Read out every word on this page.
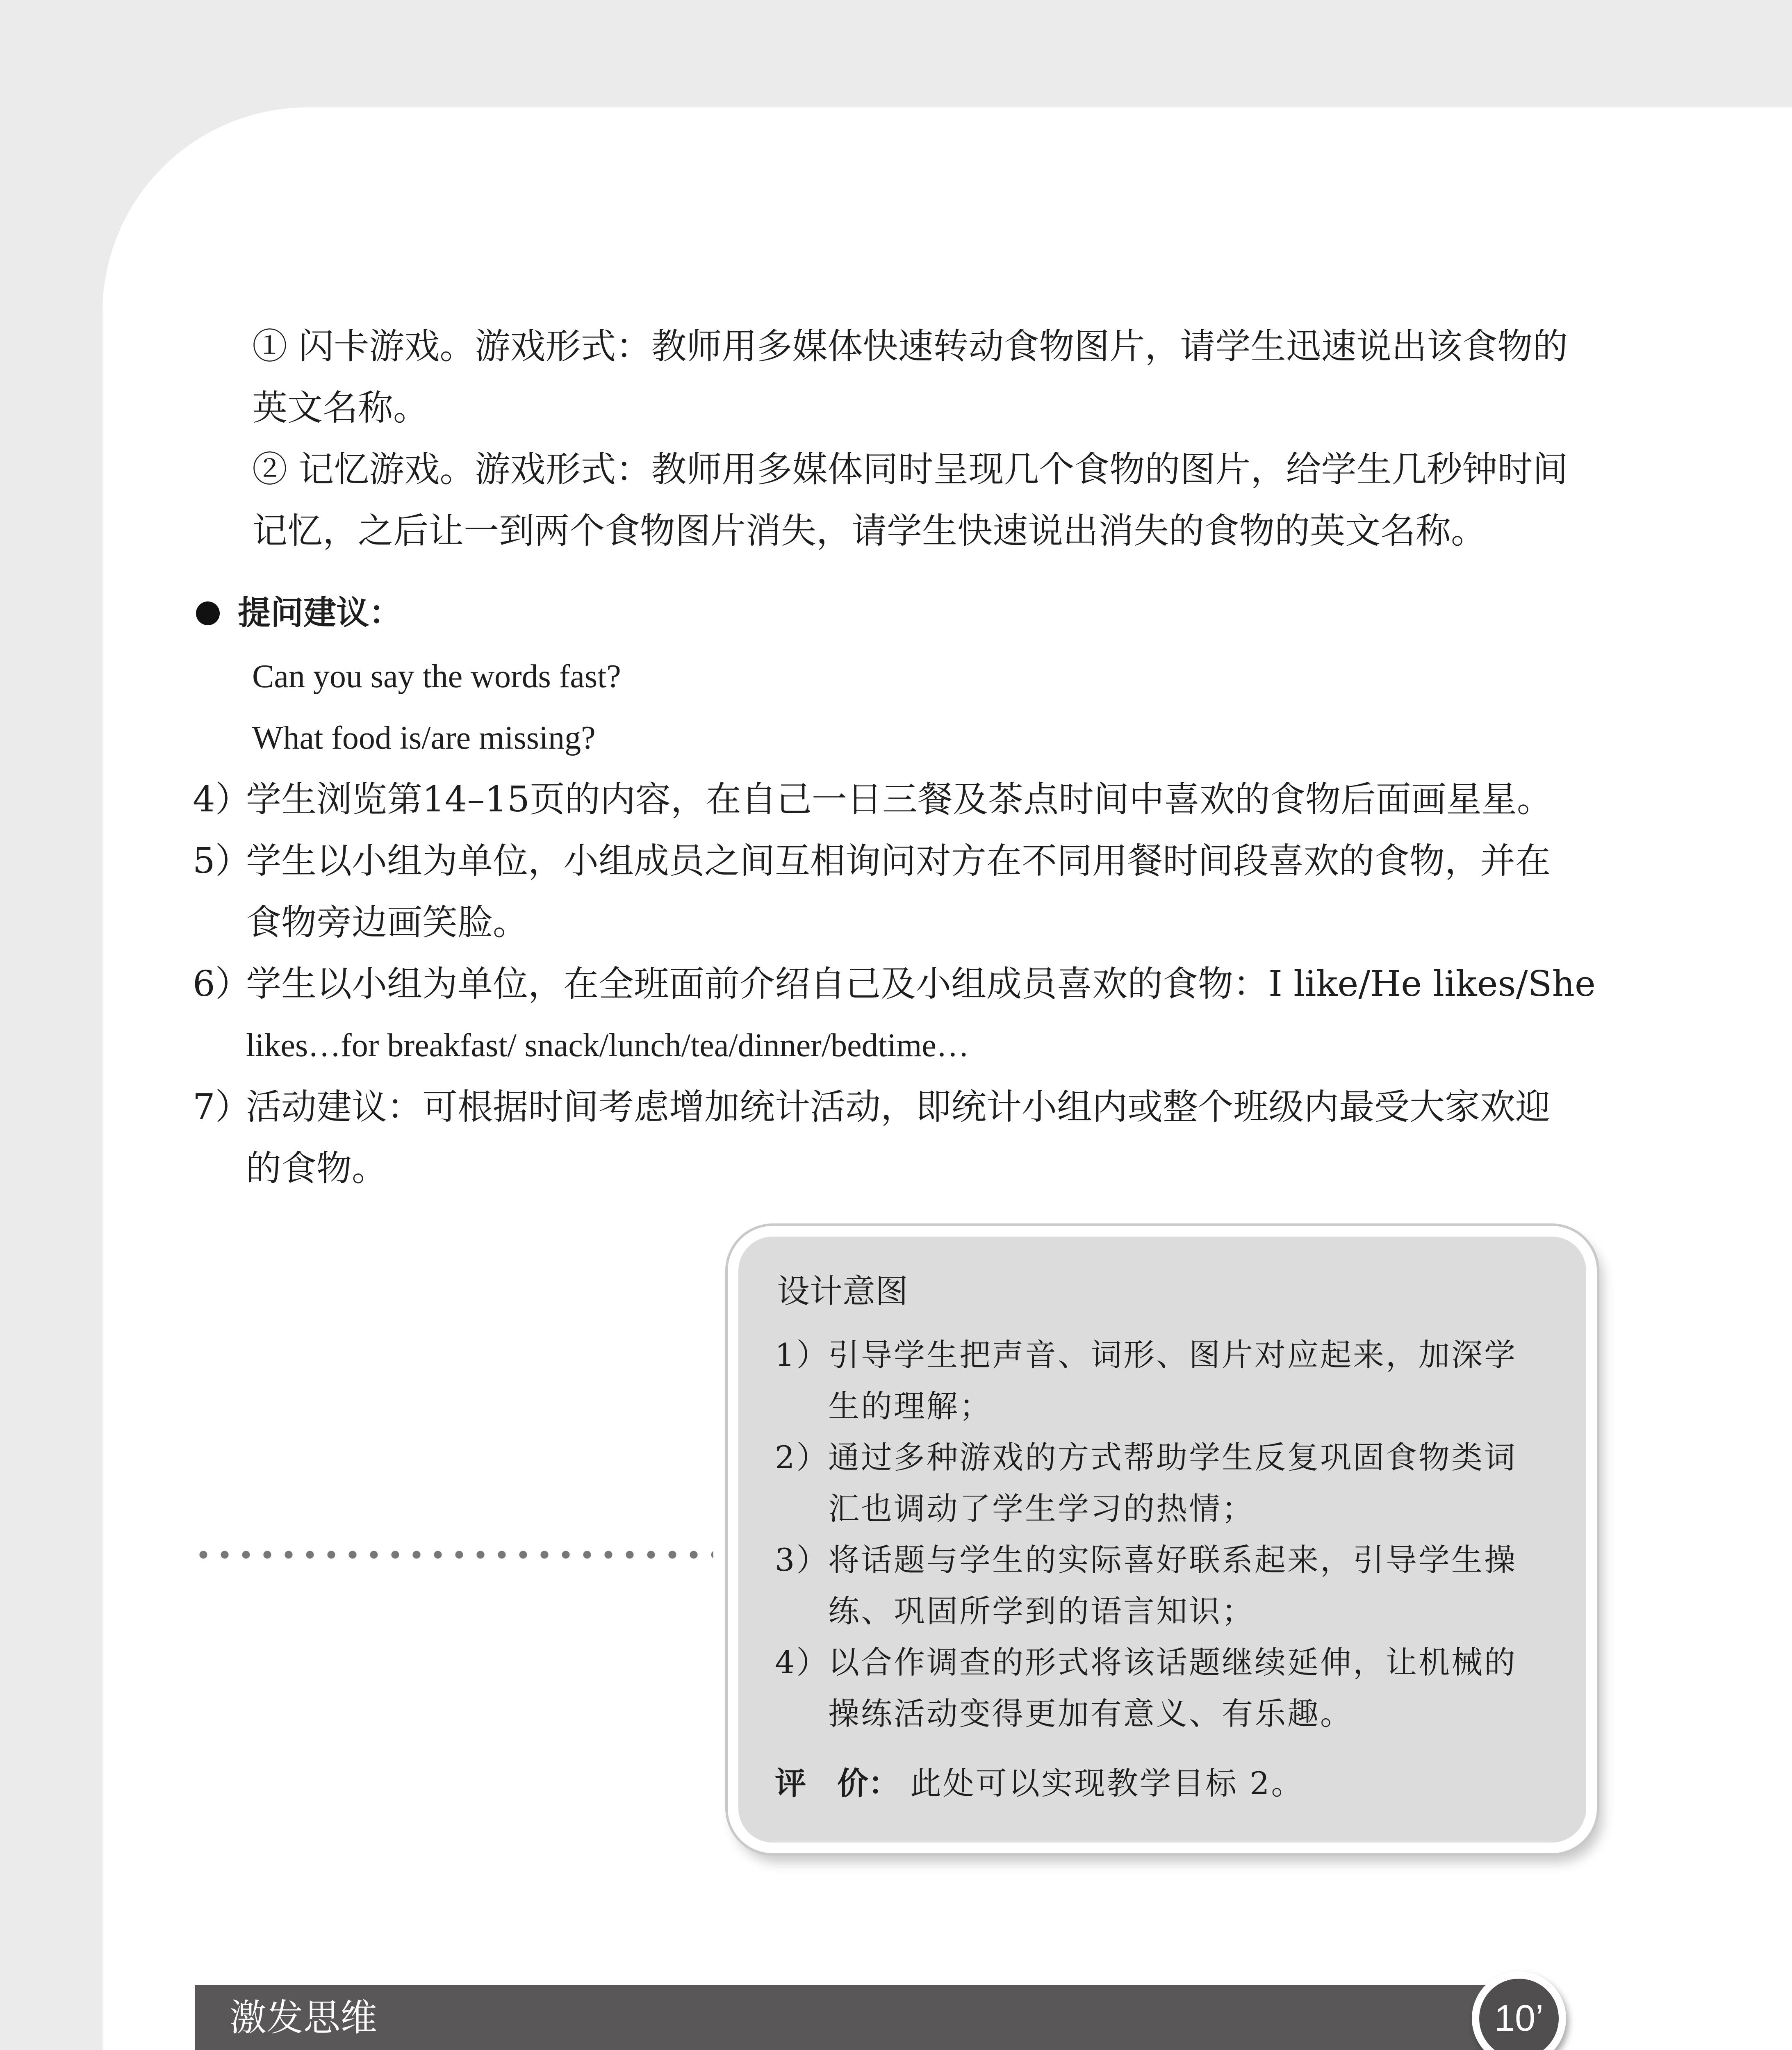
① 闪卡游戏。游戏形式：教师用多媒体快速转动食物图片，请学生迅速说出该食物的
英文名称。
② 记忆游戏。游戏形式：教师用多媒体同时呈现几个食物的图片，给学生几秒钟时间
记忆，之后让一到两个食物图片消失，请学生快速说出消失的食物的英文名称。
提问建议：
Can you say the words fast?
What food is/are missing?
4）
学生浏览第14–15页的内容，在自己一日三餐及茶点时间中喜欢的食物后面画星星。
5）
学生以小组为单位，小组成员之间互相询问对方在不同用餐时间段喜欢的食物，并在
食物旁边画笑脸。
6）
学生以小组为单位，在全班面前介绍自己及小组成员喜欢的食物：I like/He likes/She
likes…for breakfast/ snack/lunch/tea/dinner/bedtime…
7）
活动建议：可根据时间考虑增加统计活动，即统计小组内或整个班级内最受大家欢迎
的食物。
设计意图
1）
引导学生把声音、词形、图片对应起来，加深学
生的理解；
2）
通过多种游戏的方式帮助学生反复巩固食物类词
汇也调动了学生学习的热情；
3）
将话题与学生的实际喜好联系起来，引导学生操
练、巩固所学到的语言知识；
4）
以合作调查的形式将该话题继续延伸，让机械的
操练活动变得更加有意义、有乐趣。
评　价： 此处可以实现教学目标 2。
激发思维	10’
